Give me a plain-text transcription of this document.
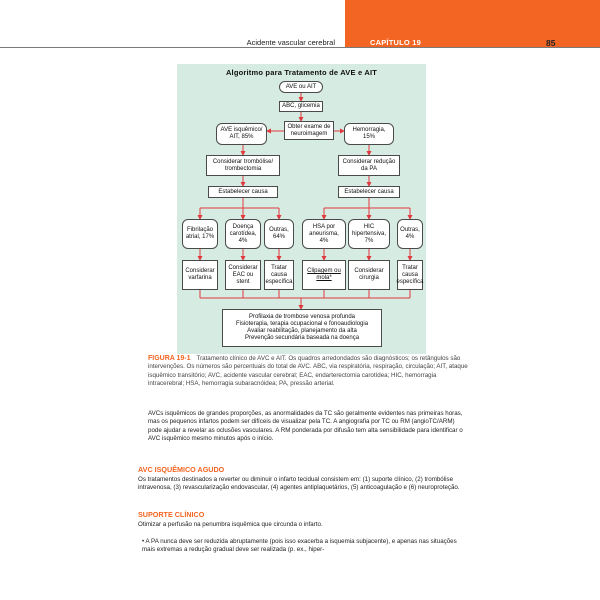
Acidente vascular cerebral	CAPÍTULO 19	85
Algoritmo para Tratamento de AVE e AIT
AVE ou AIT
ABC, glicemia
Obter exame de neuroimagem
AVE isquêmico/ AIT, 85%
Hemorragia, 15%
Considerar trombólise/ trombectomia
Considerar redução da PA
Estabelecer causa	Estabelecer causa
Fibrilação atrial, 17%
Doença carotídea, 4%
Outras, 64%
HSA por aneurisma, 4%
HIC hipertensiva, 7%
Outras, 4%
Considerar varfarina
Considerar EAC ou stent
Tratar causa específica
Clipagem ou mola*
Considerar cirurgia
Tratar causa específica
Profilaxia de trombose venosa profunda
Fisioterapia, terapia ocupacional e fonoaudiologia
Avaliar reabilitação, planejamento da alta
Prevenção secundária baseada na doença
FIGURA 19-1 Tratamento clínico de AVC e AIT. Os quadros arredondados são diagnósticos; os retângulos são intervenções. Os números são percentuais do total de AVC. ABC, via respiratória, respiração, circulação; AIT, ataque isquêmico transitório; AVC, acidente vascular cerebral; EAC, endarterectomia carotídea; HIC, hemorragia intracerebral; HSA, hemorragia subaracnóidea; PA, pressão arterial.
AVCs isquêmicos de grandes proporções, as anormalidades da TC são geralmente evidentes nas primeiras horas, mas os pequenos infartos podem ser difíceis de visualizar pela TC. A angiografia por TC ou RM (angioTC/ARM) pode ajudar a revelar as oclusões vasculares. A RM ponderada por difusão tem alta sensibilidade para identificar o AVC isquêmico mesmo minutos após o início.
AVC ISQUÊMICO AGUDO
Os tratamentos destinados a reverter ou diminuir o infarto tecidual consistem em: (1) suporte clínico, (2) trombólise intravenosa, (3) revascularização endovascular, (4) agentes antiplaquetários, (5) anticoagulação e (6) neuroproteção.
SUPORTE CLÍNICO
Otimizar a perfusão na penumbra isquêmica que circunda o infarto.
• A PA nunca deve ser reduzida abruptamente (pois isso exacerba a isquemia subjacente), e apenas nas situações mais extremas a redução gradual deve ser realizada (p. ex., hiper-
